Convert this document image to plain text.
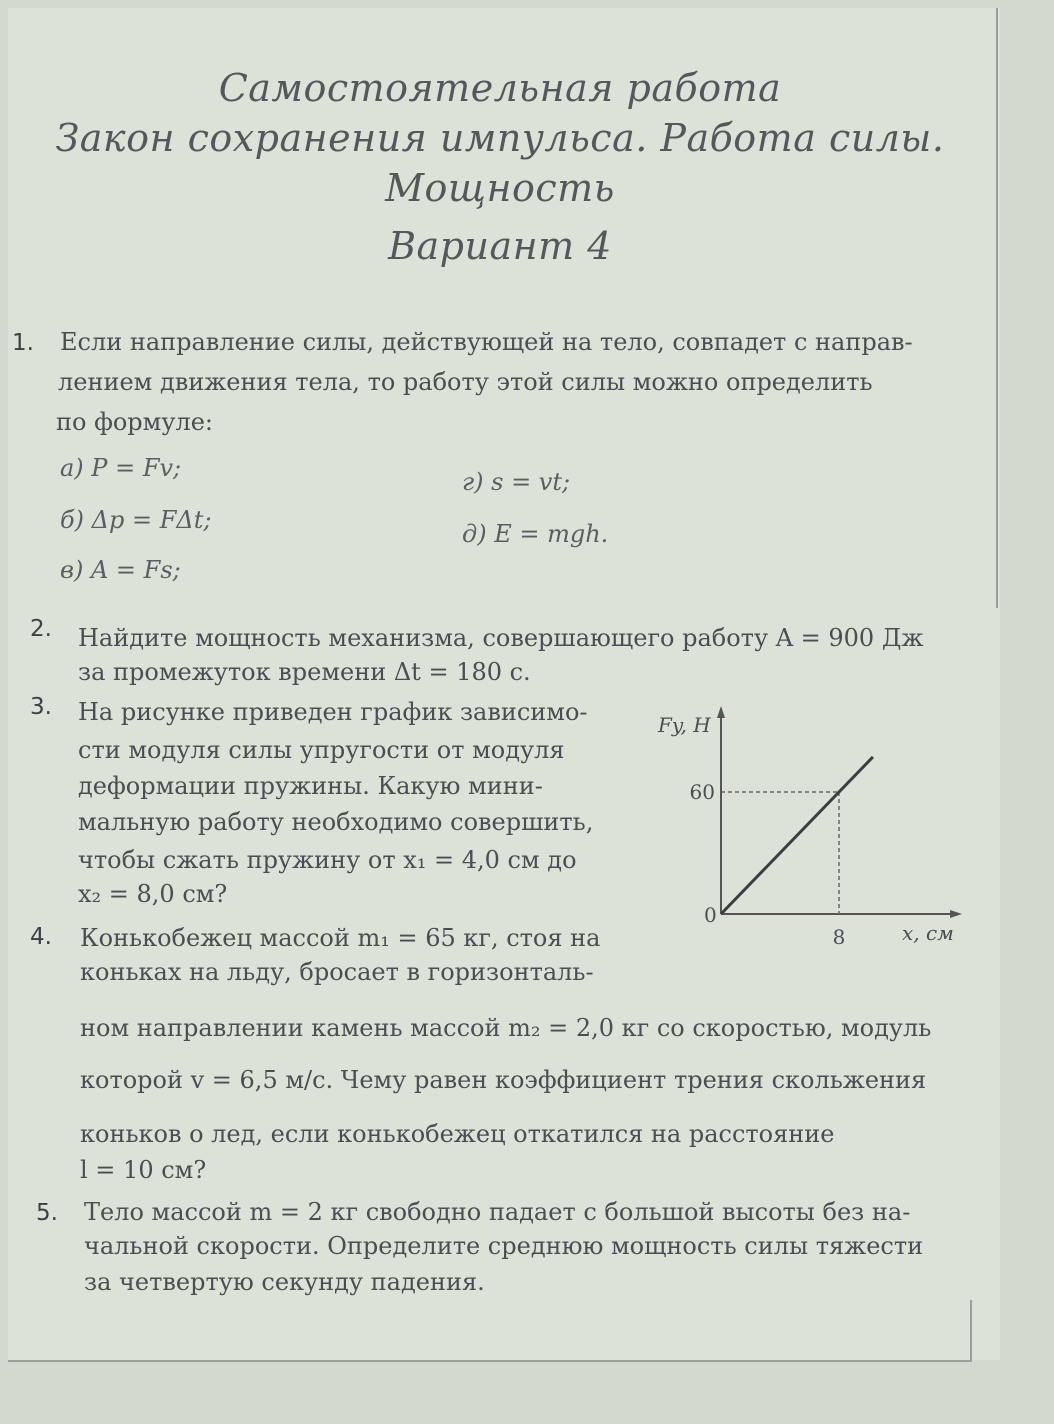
Самостоятельная работа
Закон сохранения импульса. Работа силы.
Мощность
Вариант 4
1. Если направление силы, действующей на тело, совпадет с направ-
лением движения тела, то работу этой силы можно определить
по формуле:
а) P = Fv;
б) Δp = FΔt;
в) A = Fs;
г) s = vt;
д) E = mgh.
2. Найдите мощность механизма, совершающего работу A = 900 Дж
за промежуток времени Δt = 180 с.
3. На рисунке приведен график зависимо-
сти модуля силы упругости от модуля
деформации пружины. Какую мини-
мальную работу необходимо совершить,
чтобы сжать пружину от x₁ = 4,0 см до
x₂ = 8,0 см?
60
8
0
Fy, Н
x, см
4. Конькобежец массой m₁ = 65 кг, стоя на
коньках на льду, бросает в горизонталь-
ном направлении камень массой m₂ = 2,0 кг со скоростью, модуль
которой v = 6,5 м/с. Чему равен коэффициент трения скольжения
коньков о лед, если конькобежец откатился на расстояние
l = 10 см?
5. Тело массой m = 2 кг свободно падает с большой высоты без на-
чальной скорости. Определите среднюю мощность силы тяжести
за четвертую секунду падения.
